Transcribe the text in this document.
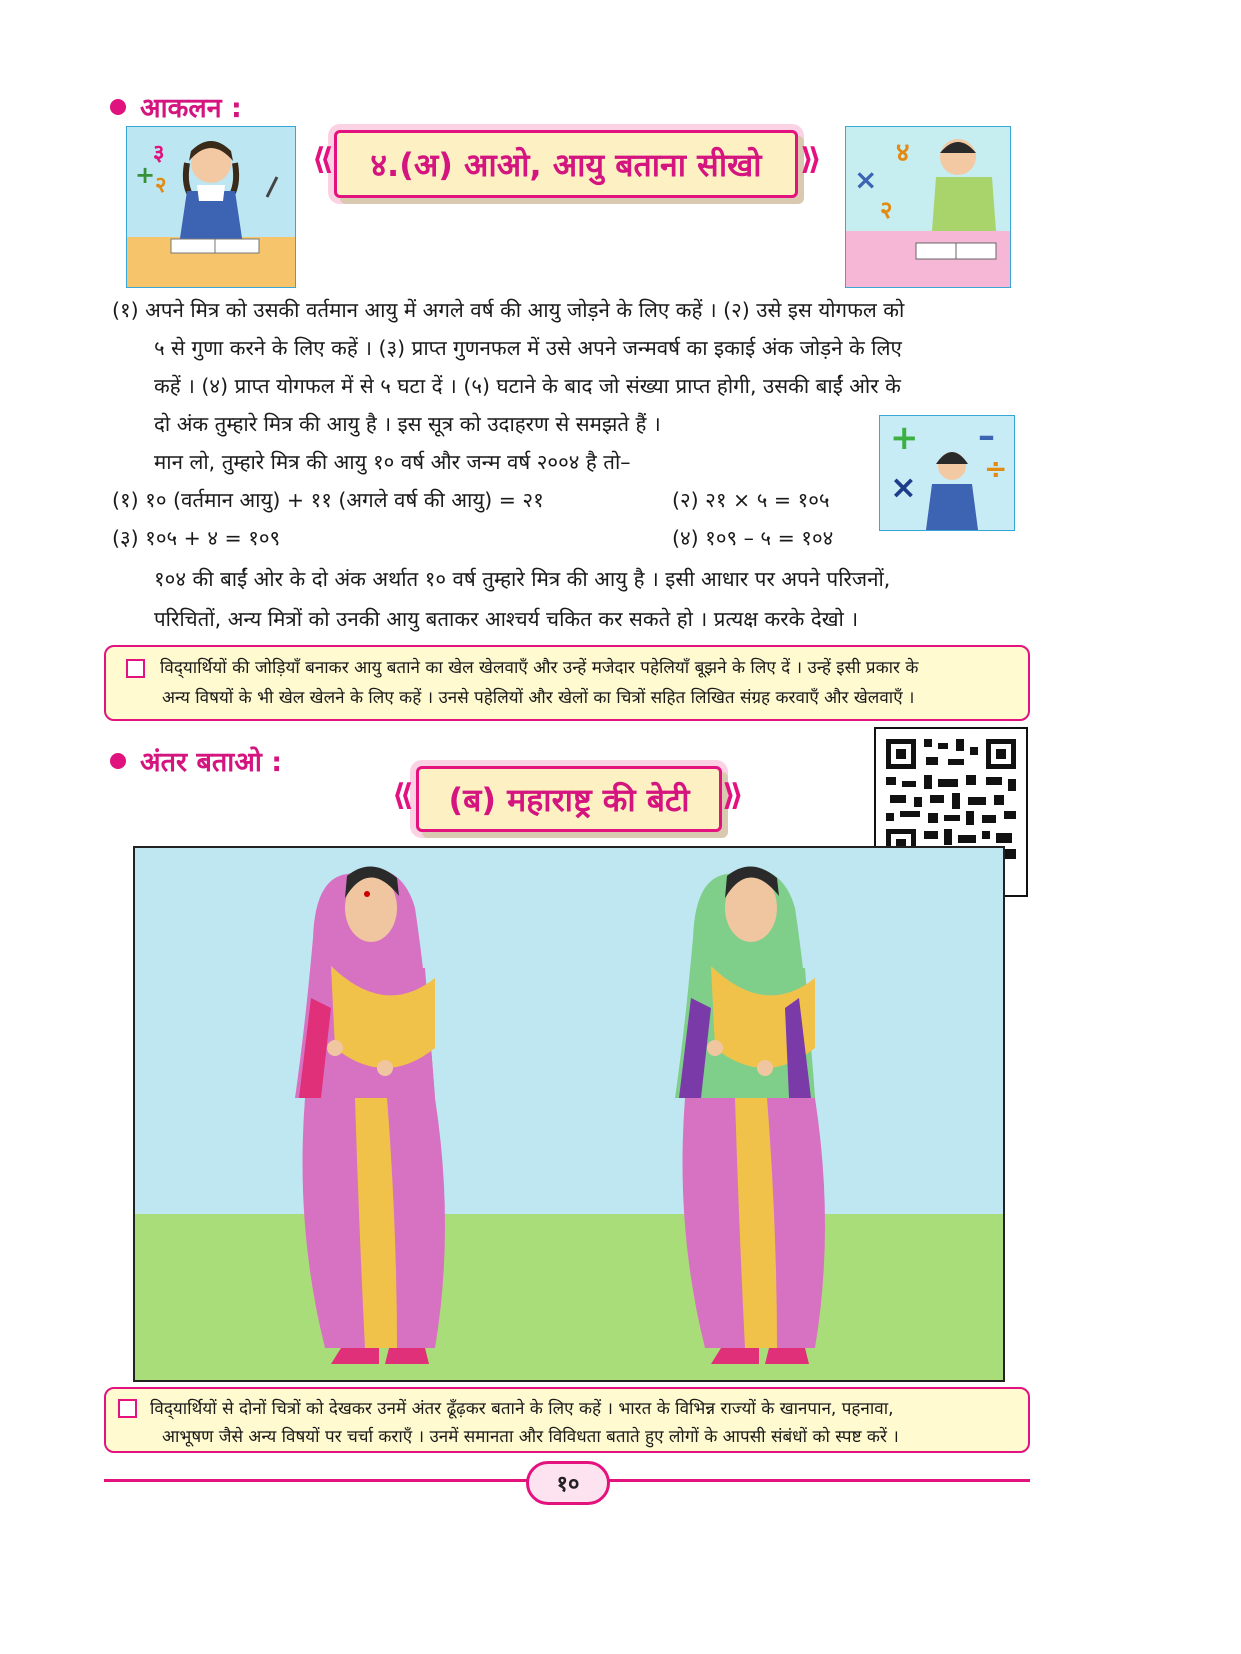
आकलन :
+
३
२
४.(अ) आओ, आयु बताना सीखो
⟪	⟫
×
४
२
(१) अपने मित्र को उसकी वर्तमान आयु में अगले वर्ष की आयु जोड़ने के लिए कहें । (२) उसे इस योगफल को
५ से गुणा करने के लिए कहें । (३) प्राप्त गुणनफल में उसे अपने जन्मवर्ष का इकाई अंक जोड़ने के लिए
कहें । (४) प्राप्त योगफल में से ५ घटा दें । (५) घटाने के बाद जो संख्या प्राप्त होगी, उसकी बाईं ओर के
दो अंक तुम्हारे मित्र की आयु है । इस सूत्र को उदाहरण से समझते हैं ।
मान लो, तुम्हारे मित्र की आयु १० वर्ष और जन्म वर्ष २००४ है तो–
+ –
× ÷
(१) १० (वर्तमान आयु) + ११ (अगले वर्ष की आयु) = २१	(२) २१ × ५ = १०५
(३) १०५ + ४ = १०९	(४) १०९ – ५ = १०४
१०४ की बाईं ओर के दो अंक अर्थात १० वर्ष तुम्हारे मित्र की आयु है । इसी आधार पर अपने परिजनों,
परिचितों, अन्य मित्रों को उनकी आयु बताकर आश्चर्य चकित कर सकते हो । प्रत्यक्ष करके देखो ।
विद्‌यार्थियों की जोड़ियाँ बनाकर आयु बताने का खेल खेलवाएँ और उन्हें मजेदार पहेलियाँ बूझने के लिए दें । उन्हें इसी प्रकार के
अन्य विषयों के भी खेल खेलने के लिए कहें । उनसे पहेलियों और खेलों का चित्रों सहित लिखित संग्रह करवाएँ और खेलवाएँ ।
अंतर बताओ :
(ब) महाराष्ट्र की बेटी
⟪	⟫
विद्‌यार्थियों से दोनों चित्रों को देखकर उनमें अंतर ढूँढ़कर बताने के लिए कहें । भारत के विभिन्न राज्यों के खानपान, पहनावा,
आभूषण जैसे अन्य विषयों पर चर्चा कराएँ । उनमें समानता और विविधता बताते हुए लोगों के आपसी संबंधों को स्पष्ट करें ।
१०
